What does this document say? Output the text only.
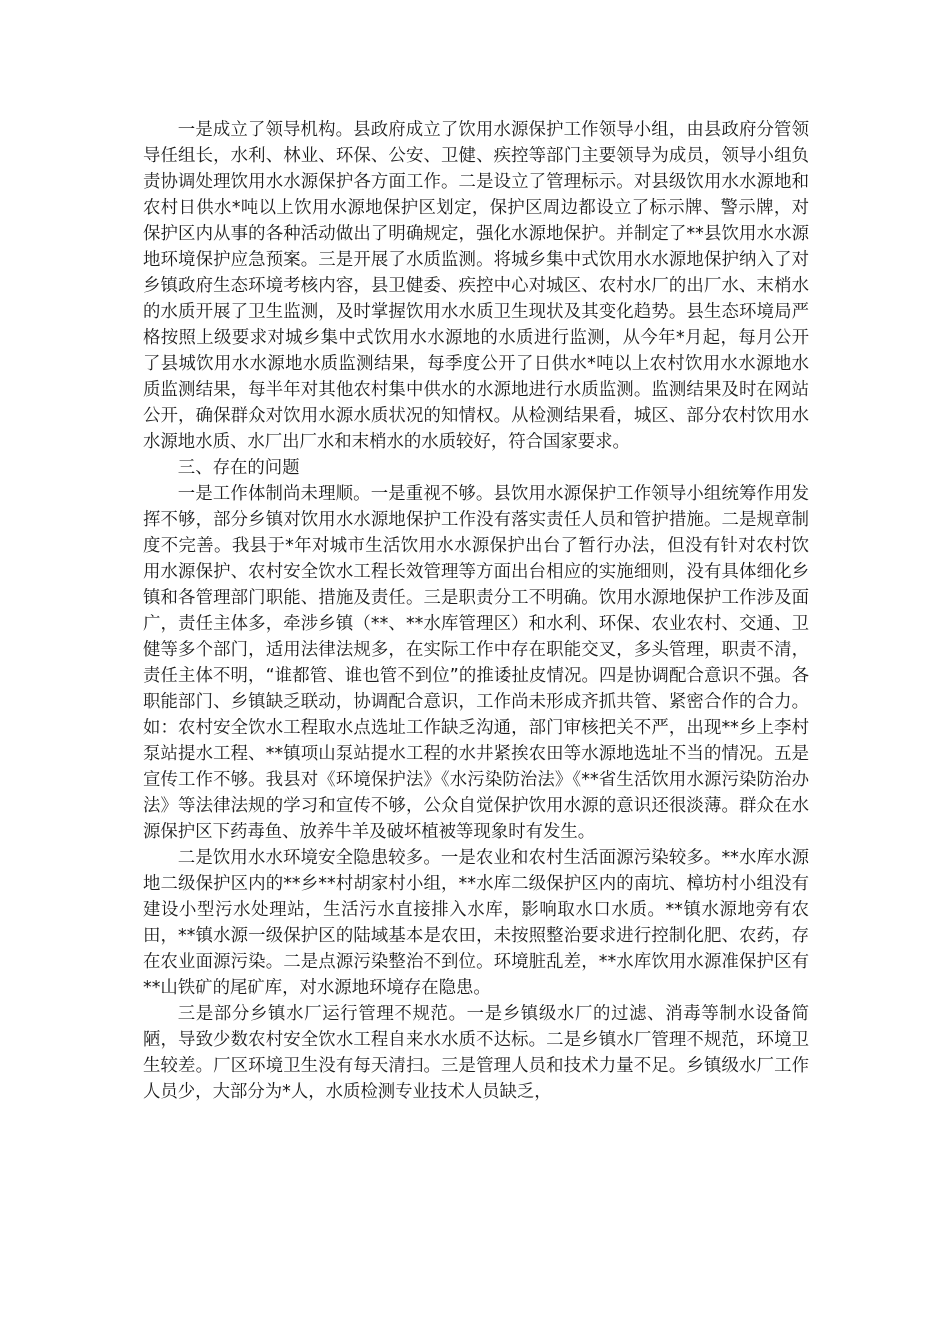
一是成立了领导机构。县政府成立了饮用水源保护工作领导小组，由县政府分管领导任组长，水利、林业、环保、公安、卫健、疾控等部门主要领导为成员，领导小组负责协调处理饮用水水源保护各方面工作。二是设立了管理标示。对县级饮用水水源地和农村日供水*吨以上饮用水源地保护区划定，保护区周边都设立了标示牌、警示牌，对保护区内从事的各种活动做出了明确规定，强化水源地保护。并制定了**县饮用水水源地环境保护应急预案。三是开展了水质监测。将城乡集中式饮用水水源地保护纳入了对乡镇政府生态环境考核内容，县卫健委、疾控中心对城区、农村水厂的出厂水、末梢水的水质开展了卫生监测，及时掌握饮用水水质卫生现状及其变化趋势。县生态环境局严格按照上级要求对城乡集中式饮用水水源地的水质进行监测，从今年*月起，每月公开了县城饮用水水源地水质监测结果，每季度公开了日供水*吨以上农村饮用水水源地水质监测结果，每半年对其他农村集中供水的水源地进行水质监测。监测结果及时在网站公开，确保群众对饮用水源水质状况的知情权。从检测结果看，城区、部分农村饮用水水源地水质、水厂出厂水和末梢水的水质较好，符合国家要求。

三、存在的问题

一是工作体制尚未理顺。一是重视不够。县饮用水源保护工作领导小组统筹作用发挥不够，部分乡镇对饮用水水源地保护工作没有落实责任人员和管护措施。二是规章制度不完善。我县于*年对城市生活饮用水水源保护出台了暂行办法，但没有针对农村饮用水源保护、农村安全饮水工程长效管理等方面出台相应的实施细则，没有具体细化乡镇和各管理部门职能、措施及责任。三是职责分工不明确。饮用水源地保护工作涉及面广，责任主体多，牵涉乡镇（**、**水库管理区）和水利、环保、农业农村、交通、卫健等多个部门，适用法律法规多，在实际工作中存在职能交叉，多头管理，职责不清，责任主体不明，“谁都管、谁也管不到位”的推诿扯皮情况。四是协调配合意识不强。各职能部门、乡镇缺乏联动，协调配合意识，工作尚未形成齐抓共管、紧密合作的合力。如：农村安全饮水工程取水点选址工作缺乏沟通，部门审核把关不严，出现**乡上李村泵站提水工程、**镇项山泵站提水工程的水井紧挨农田等水源地选址不当的情况。五是宣传工作不够。我县对《环境保护法》《水污染防治法》《**省生活饮用水源污染防治办法》等法律法规的学习和宣传不够，公众自觉保护饮用水源的意识还很淡薄。群众在水源保护区下药毒鱼、放养牛羊及破坏植被等现象时有发生。

二是饮用水水环境安全隐患较多。一是农业和农村生活面源污染较多。**水库水源地二级保护区内的**乡**村胡家村小组，**水库二级保护区内的南坑、樟坊村小组没有建设小型污水处理站，生活污水直接排入水库，影响取水口水质。**镇水源地旁有农田，**镇水源一级保护区的陆域基本是农田，未按照整治要求进行控制化肥、农药，存在农业面源污染。二是点源污染整治不到位。环境脏乱差，**水库饮用水源准保护区有**山铁矿的尾矿库，对水源地环境存在隐患。

三是部分乡镇水厂运行管理不规范。一是乡镇级水厂的过滤、消毒等制水设备简陋，导致少数农村安全饮水工程自来水水质不达标。二是乡镇水厂管理不规范，环境卫生较差。厂区环境卫生没有每天清扫。三是管理人员和技术力量不足。乡镇级水厂工作人员少，大部分为*人，水质检测专业技术人员缺乏，
